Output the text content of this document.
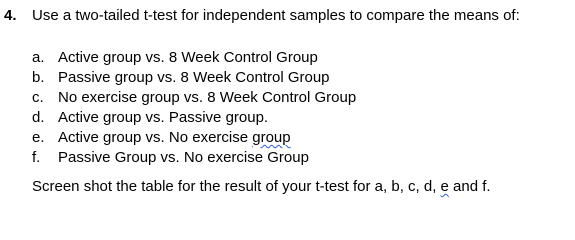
4. Use a two-tailed t-test for independent samples to compare the means of:
a. Active group vs. 8 Week Control Group
b. Passive group vs. 8 Week Control Group
c. No exercise group vs. 8 Week Control Group
d. Active group vs. Passive group.
e. Active group vs. No exercise group
f. Passive Group vs. No exercise Group
Screen shot the table for the result of your t-test for a, b, c, d, e and f.
